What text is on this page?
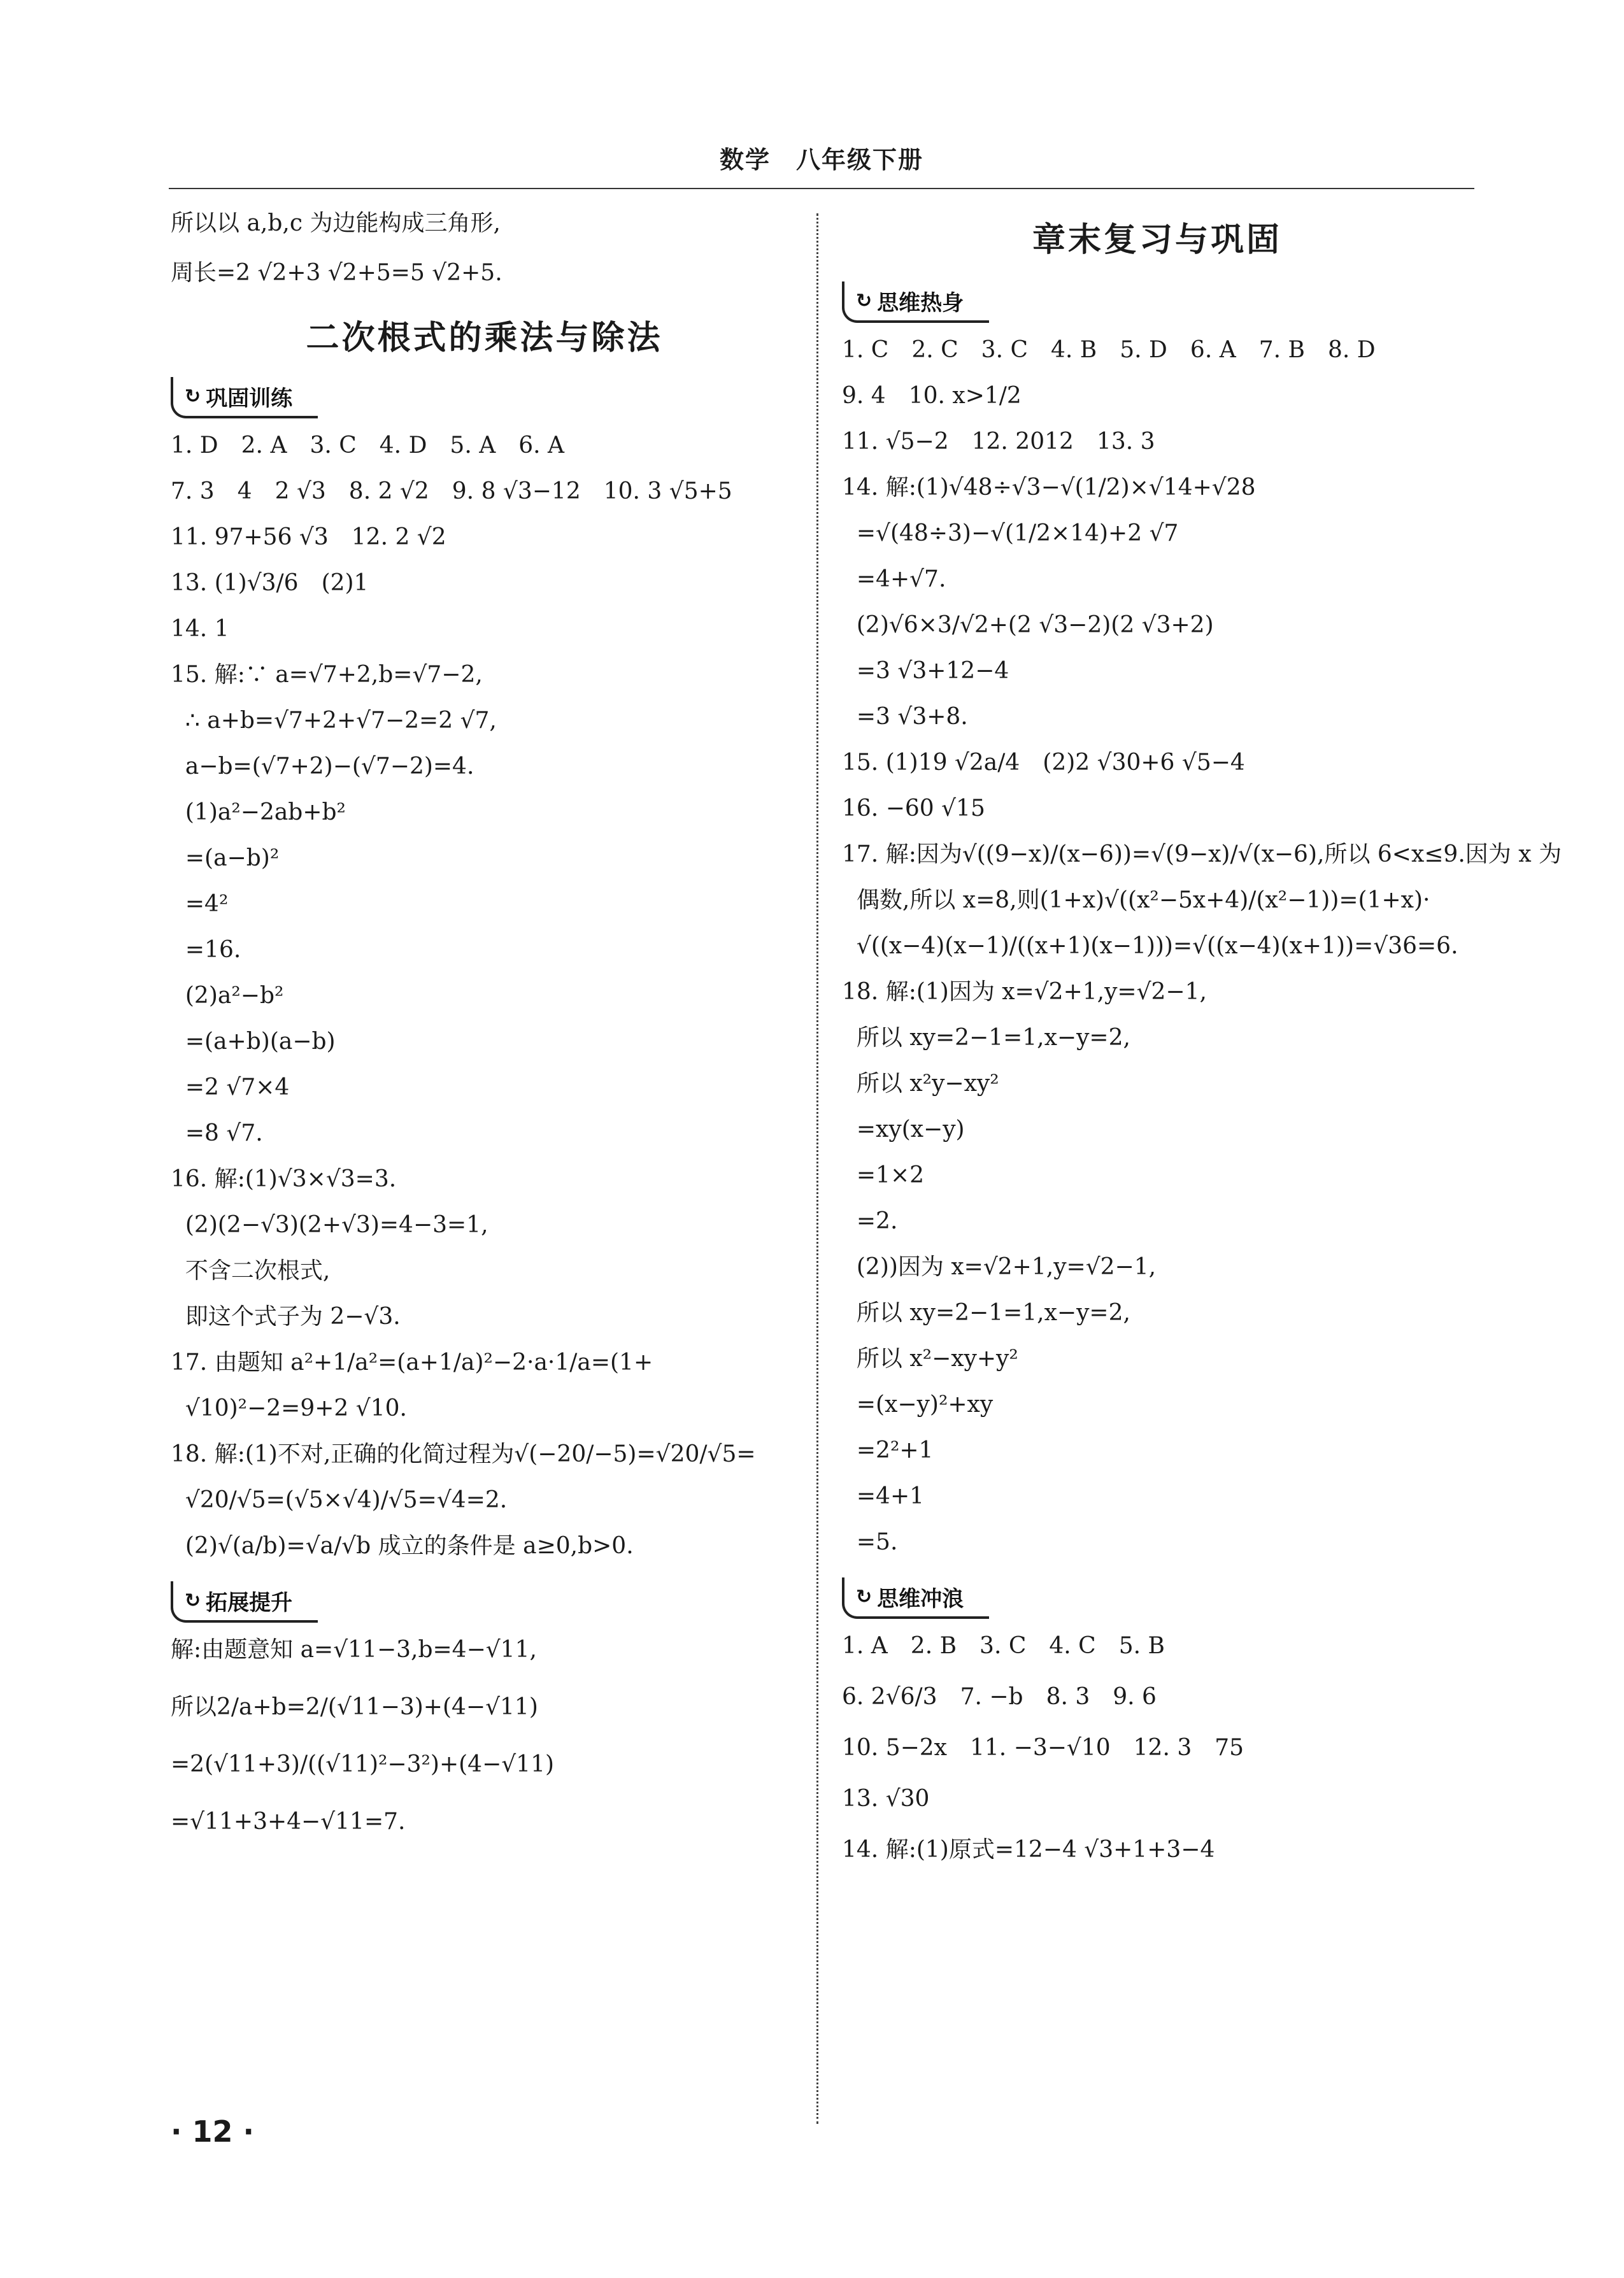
数学　八年级下册

所以以 a,b,c 为边能构成三角形,

周长=2 √2+3 √2+5=5 √2+5.

二次根式的乘法与除法

↻ 巩固训练

1. D　2. A　3. C　4. D　5. A　6. A

7. 3　4　2 √3　8. 2 √2　9. 8 √3−12　10. 3 √5+5

11. 97+56 √3　12. 2 √2

13. (1)√3/6　(2)1

14. 1

15. 解:∵ a=√7+2,b=√7−2,

∴ a+b=√7+2+√7−2=2 √7,

a−b=(√7+2)−(√7−2)=4.

(1)a²−2ab+b²

=(a−b)²

=4²

=16.

(2)a²−b²

=(a+b)(a−b)

=2 √7×4

=8 √7.

16. 解:(1)√3×√3=3.

(2)(2−√3)(2+√3)=4−3=1,

不含二次根式,

即这个式子为 2−√3.

17. 由题知 a²+1/a²=(a+1/a)²−2·a·1/a=(1+

√10)²−2=9+2 √10.

18. 解:(1)不对,正确的化简过程为√(−20/−5)=√20/√5=

√20/√5=(√5×√4)/√5=√4=2.

(2)√(a/b)=√a/√b 成立的条件是 a≥0,b>0.

↻ 拓展提升

解:由题意知 a=√11−3,b=4−√11,

所以2/a+b=2/(√11−3)+(4−√11)

=2(√11+3)/((√11)²−3²)+(4−√11)

=√11+3+4−√11=7.

章末复习与巩固

↻ 思维热身

1. C　2. C　3. C　4. B　5. D　6. A　7. B　8. D

9. 4　10. x>1/2

11. √5−2　12. 2012　13. 3

14. 解:(1)√48÷√3−√(1/2)×√14+√28

=√(48÷3)−√(1/2×14)+2 √7

=4+√7.

(2)√6×3/√2+(2 √3−2)(2 √3+2)

=3 √3+12−4

=3 √3+8.

15. (1)19 √2a/4　(2)2 √30+6 √5−4

16. −60 √15

17. 解:因为√((9−x)/(x−6))=√(9−x)/√(x−6),所以 6<x≤9.因为 x 为

偶数,所以 x=8,则(1+x)√((x²−5x+4)/(x²−1))=(1+x)·

√((x−4)(x−1)/((x+1)(x−1)))=√((x−4)(x+1))=√36=6.

18. 解:(1)因为 x=√2+1,y=√2−1,

所以 xy=2−1=1,x−y=2,

所以 x²y−xy²

=xy(x−y)

=1×2

=2.

(2))因为 x=√2+1,y=√2−1,

所以 xy=2−1=1,x−y=2,

所以 x²−xy+y²

=(x−y)²+xy

=2²+1

=4+1

=5.

↻ 思维冲浪

1. A　2. B　3. C　4. C　5. B

6. 2√6/3　7. −b　8. 3　9. 6

10. 5−2x　11. −3−√10　12. 3　75

13. √30

14. 解:(1)原式=12−4 √3+1+3−4

· 12 ·
